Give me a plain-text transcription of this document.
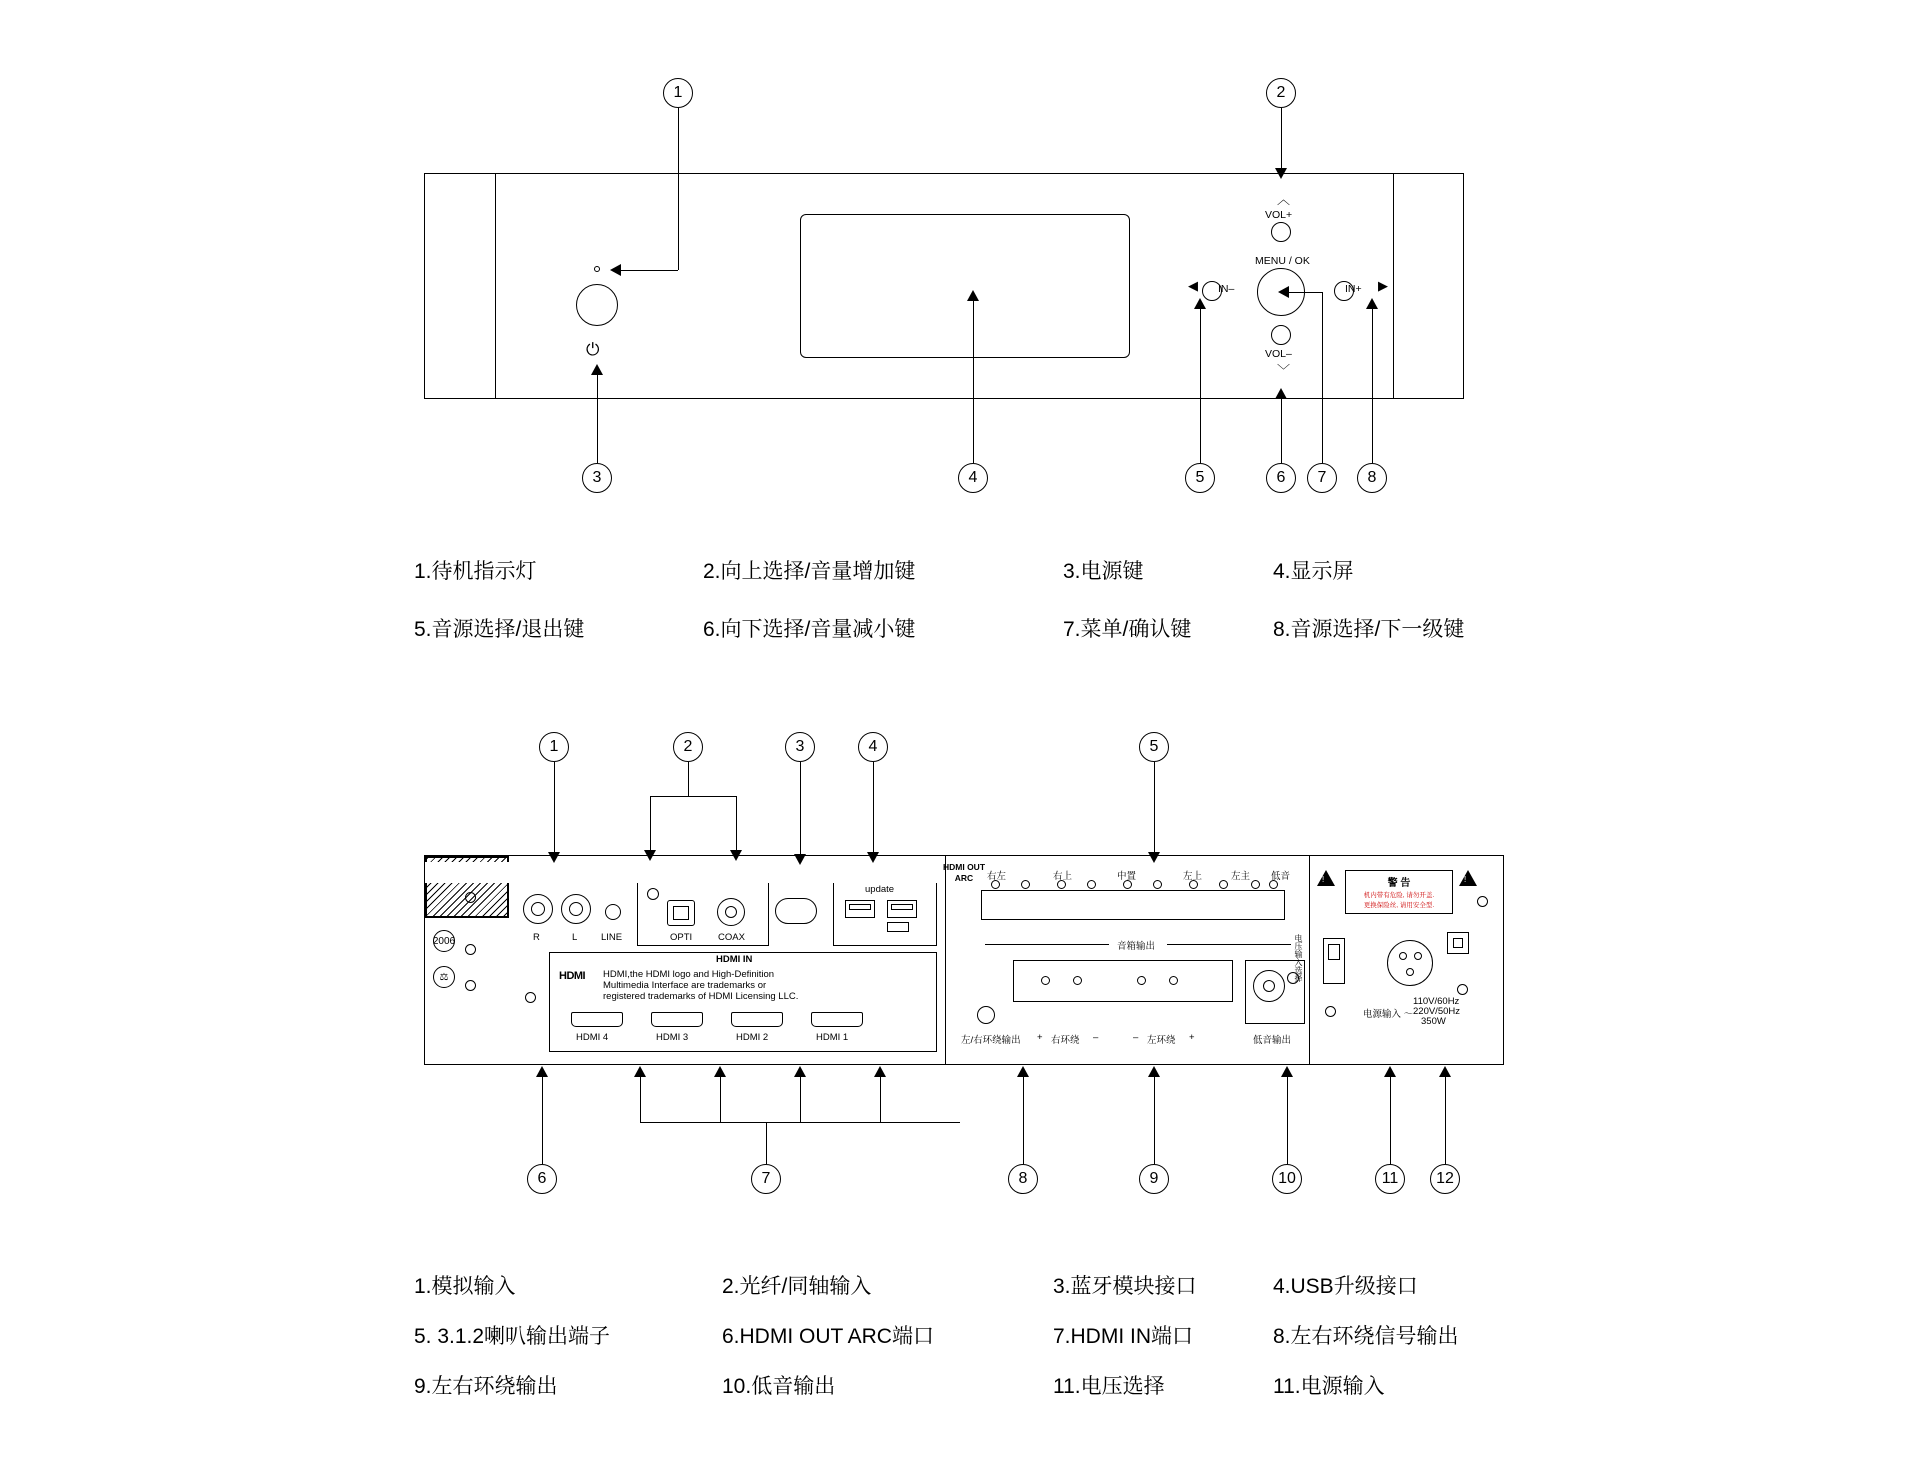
⏻
VOL+
︿
VOL–
﹀
IN–
◀	IN+ ▶
MENU / OK
1	2
3	4	5	6	7	8
1.待机指示灯	2.向上选择/音量增加键	3.电源键	4.显示屏
5.音源选择/退出键	6.向下选择/音量减小键	7.菜单/确认键	8.音源选择/下一级键
2006
⚖
R	L LINE	OPTI	COAX
update
HDMI IN
HDMI HDMI,the HDMI logo and High-Definition
Multimedia Interface are trademarks or
registered trademarks of HDMI Licensing LLC.
HDMI 4	HDMI 3	HDMI 2	HDMI 1
HDMI OUT
ARC	右左	右上	中置	左上	左主 低音
音箱输出
左/右环绕输出 + 右环绕 –	– 左环绕 +	低音输出
!	!
警 告
机内带有危险, 请勿开盖.
更换保险丝, 请用安全型.
电压输入选择
电源输入 〜
110V/60Hz
220V/50Hz
350W
1	2	3	4	5
6	7	8	9	10	11	12
1.模拟输入	2.光纤/同轴输入	3.蓝牙模块接口	4.USB升级接口
5. 3.1.2喇叭输出端子	6.HDMI OUT ARC端口	7.HDMI IN端口	8.左右环绕信号输出
9.左右环绕输出	10.低音输出	11.电压选择	11.电源输入
